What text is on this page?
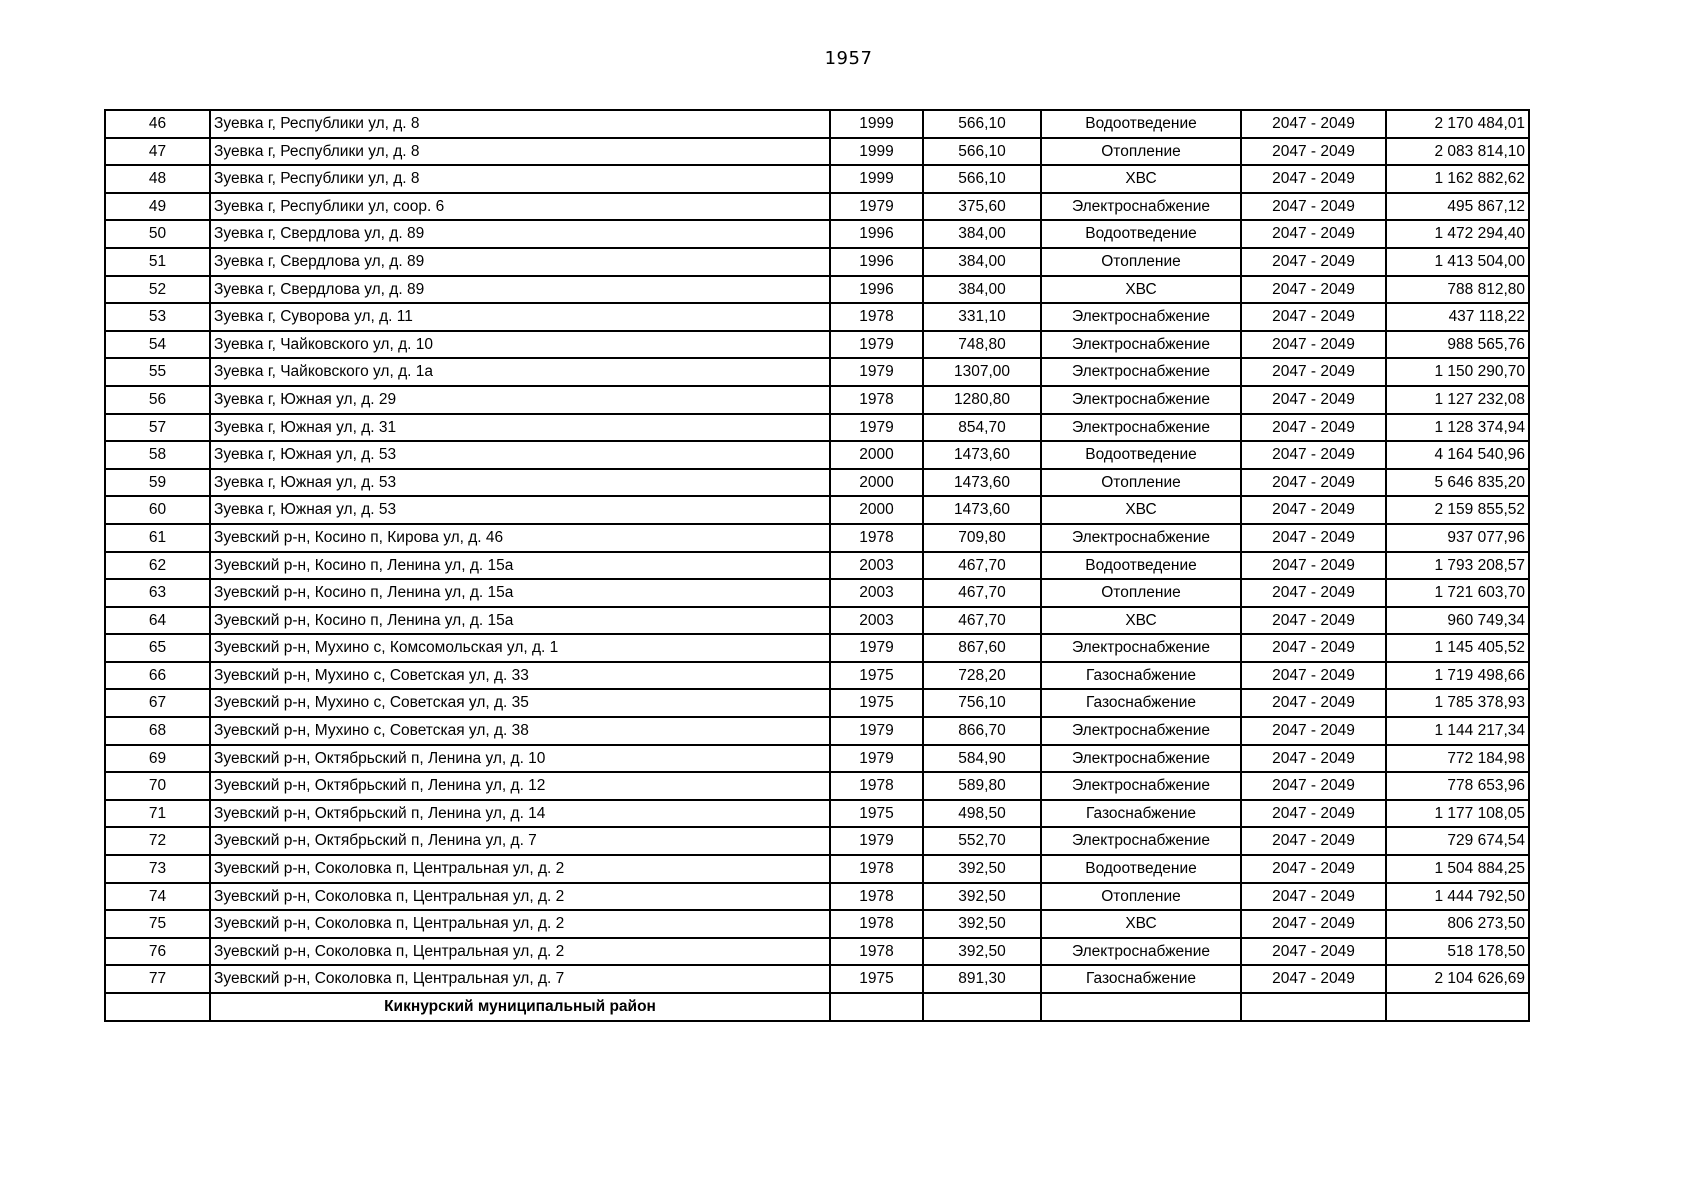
1957
46	Зуевка г, Республики ул, д. 8	1999	566,10	Водоотведение	2047 - 2049	2 170 484,01
47	Зуевка г, Республики ул, д. 8	1999	566,10	Отопление	2047 - 2049	2 083 814,10
48	Зуевка г, Республики ул, д. 8	1999	566,10	ХВС	2047 - 2049	1 162 882,62
49	Зуевка г, Республики ул, соор. 6	1979	375,60	Электроснабжение	2047 - 2049	495 867,12
50	Зуевка г, Свердлова ул, д. 89	1996	384,00	Водоотведение	2047 - 2049	1 472 294,40
51	Зуевка г, Свердлова ул, д. 89	1996	384,00	Отопление	2047 - 2049	1 413 504,00
52	Зуевка г, Свердлова ул, д. 89	1996	384,00	ХВС	2047 - 2049	788 812,80
53	Зуевка г, Суворова ул, д. 11	1978	331,10	Электроснабжение	2047 - 2049	437 118,22
54	Зуевка г, Чайковского ул, д. 10	1979	748,80	Электроснабжение	2047 - 2049	988 565,76
55	Зуевка г, Чайковского ул, д. 1а	1979	1307,00	Электроснабжение	2047 - 2049	1 150 290,70
56	Зуевка г, Южная ул, д. 29	1978	1280,80	Электроснабжение	2047 - 2049	1 127 232,08
57	Зуевка г, Южная ул, д. 31	1979	854,70	Электроснабжение	2047 - 2049	1 128 374,94
58	Зуевка г, Южная ул, д. 53	2000	1473,60	Водоотведение	2047 - 2049	4 164 540,96
59	Зуевка г, Южная ул, д. 53	2000	1473,60	Отопление	2047 - 2049	5 646 835,20
60	Зуевка г, Южная ул, д. 53	2000	1473,60	ХВС	2047 - 2049	2 159 855,52
61	Зуевский р-н, Косино п, Кирова ул, д. 46	1978	709,80	Электроснабжение	2047 - 2049	937 077,96
62	Зуевский р-н, Косино п, Ленина ул, д. 15а	2003	467,70	Водоотведение	2047 - 2049	1 793 208,57
63	Зуевский р-н, Косино п, Ленина ул, д. 15а	2003	467,70	Отопление	2047 - 2049	1 721 603,70
64	Зуевский р-н, Косино п, Ленина ул, д. 15а	2003	467,70	ХВС	2047 - 2049	960 749,34
65	Зуевский р-н, Мухино с, Комсомольская ул, д. 1	1979	867,60	Электроснабжение	2047 - 2049	1 145 405,52
66	Зуевский р-н, Мухино с, Советская ул, д. 33	1975	728,20	Газоснабжение	2047 - 2049	1 719 498,66
67	Зуевский р-н, Мухино с, Советская ул, д. 35	1975	756,10	Газоснабжение	2047 - 2049	1 785 378,93
68	Зуевский р-н, Мухино с, Советская ул, д. 38	1979	866,70	Электроснабжение	2047 - 2049	1 144 217,34
69	Зуевский р-н, Октябрьский п, Ленина ул, д. 10	1979	584,90	Электроснабжение	2047 - 2049	772 184,98
70	Зуевский р-н, Октябрьский п, Ленина ул, д. 12	1978	589,80	Электроснабжение	2047 - 2049	778 653,96
71	Зуевский р-н, Октябрьский п, Ленина ул, д. 14	1975	498,50	Газоснабжение	2047 - 2049	1 177 108,05
72	Зуевский р-н, Октябрьский п, Ленина ул, д. 7	1979	552,70	Электроснабжение	2047 - 2049	729 674,54
73	Зуевский р-н, Соколовка п, Центральная ул, д. 2	1978	392,50	Водоотведение	2047 - 2049	1 504 884,25
74	Зуевский р-н, Соколовка п, Центральная ул, д. 2	1978	392,50	Отопление	2047 - 2049	1 444 792,50
75	Зуевский р-н, Соколовка п, Центральная ул, д. 2	1978	392,50	ХВС	2047 - 2049	806 273,50
76	Зуевский р-н, Соколовка п, Центральная ул, д. 2	1978	392,50	Электроснабжение	2047 - 2049	518 178,50
77	Зуевский р-н, Соколовка п, Центральная ул, д. 7	1975	891,30	Газоснабжение	2047 - 2049	2 104 626,69
	Кикнурский муниципальный район					
